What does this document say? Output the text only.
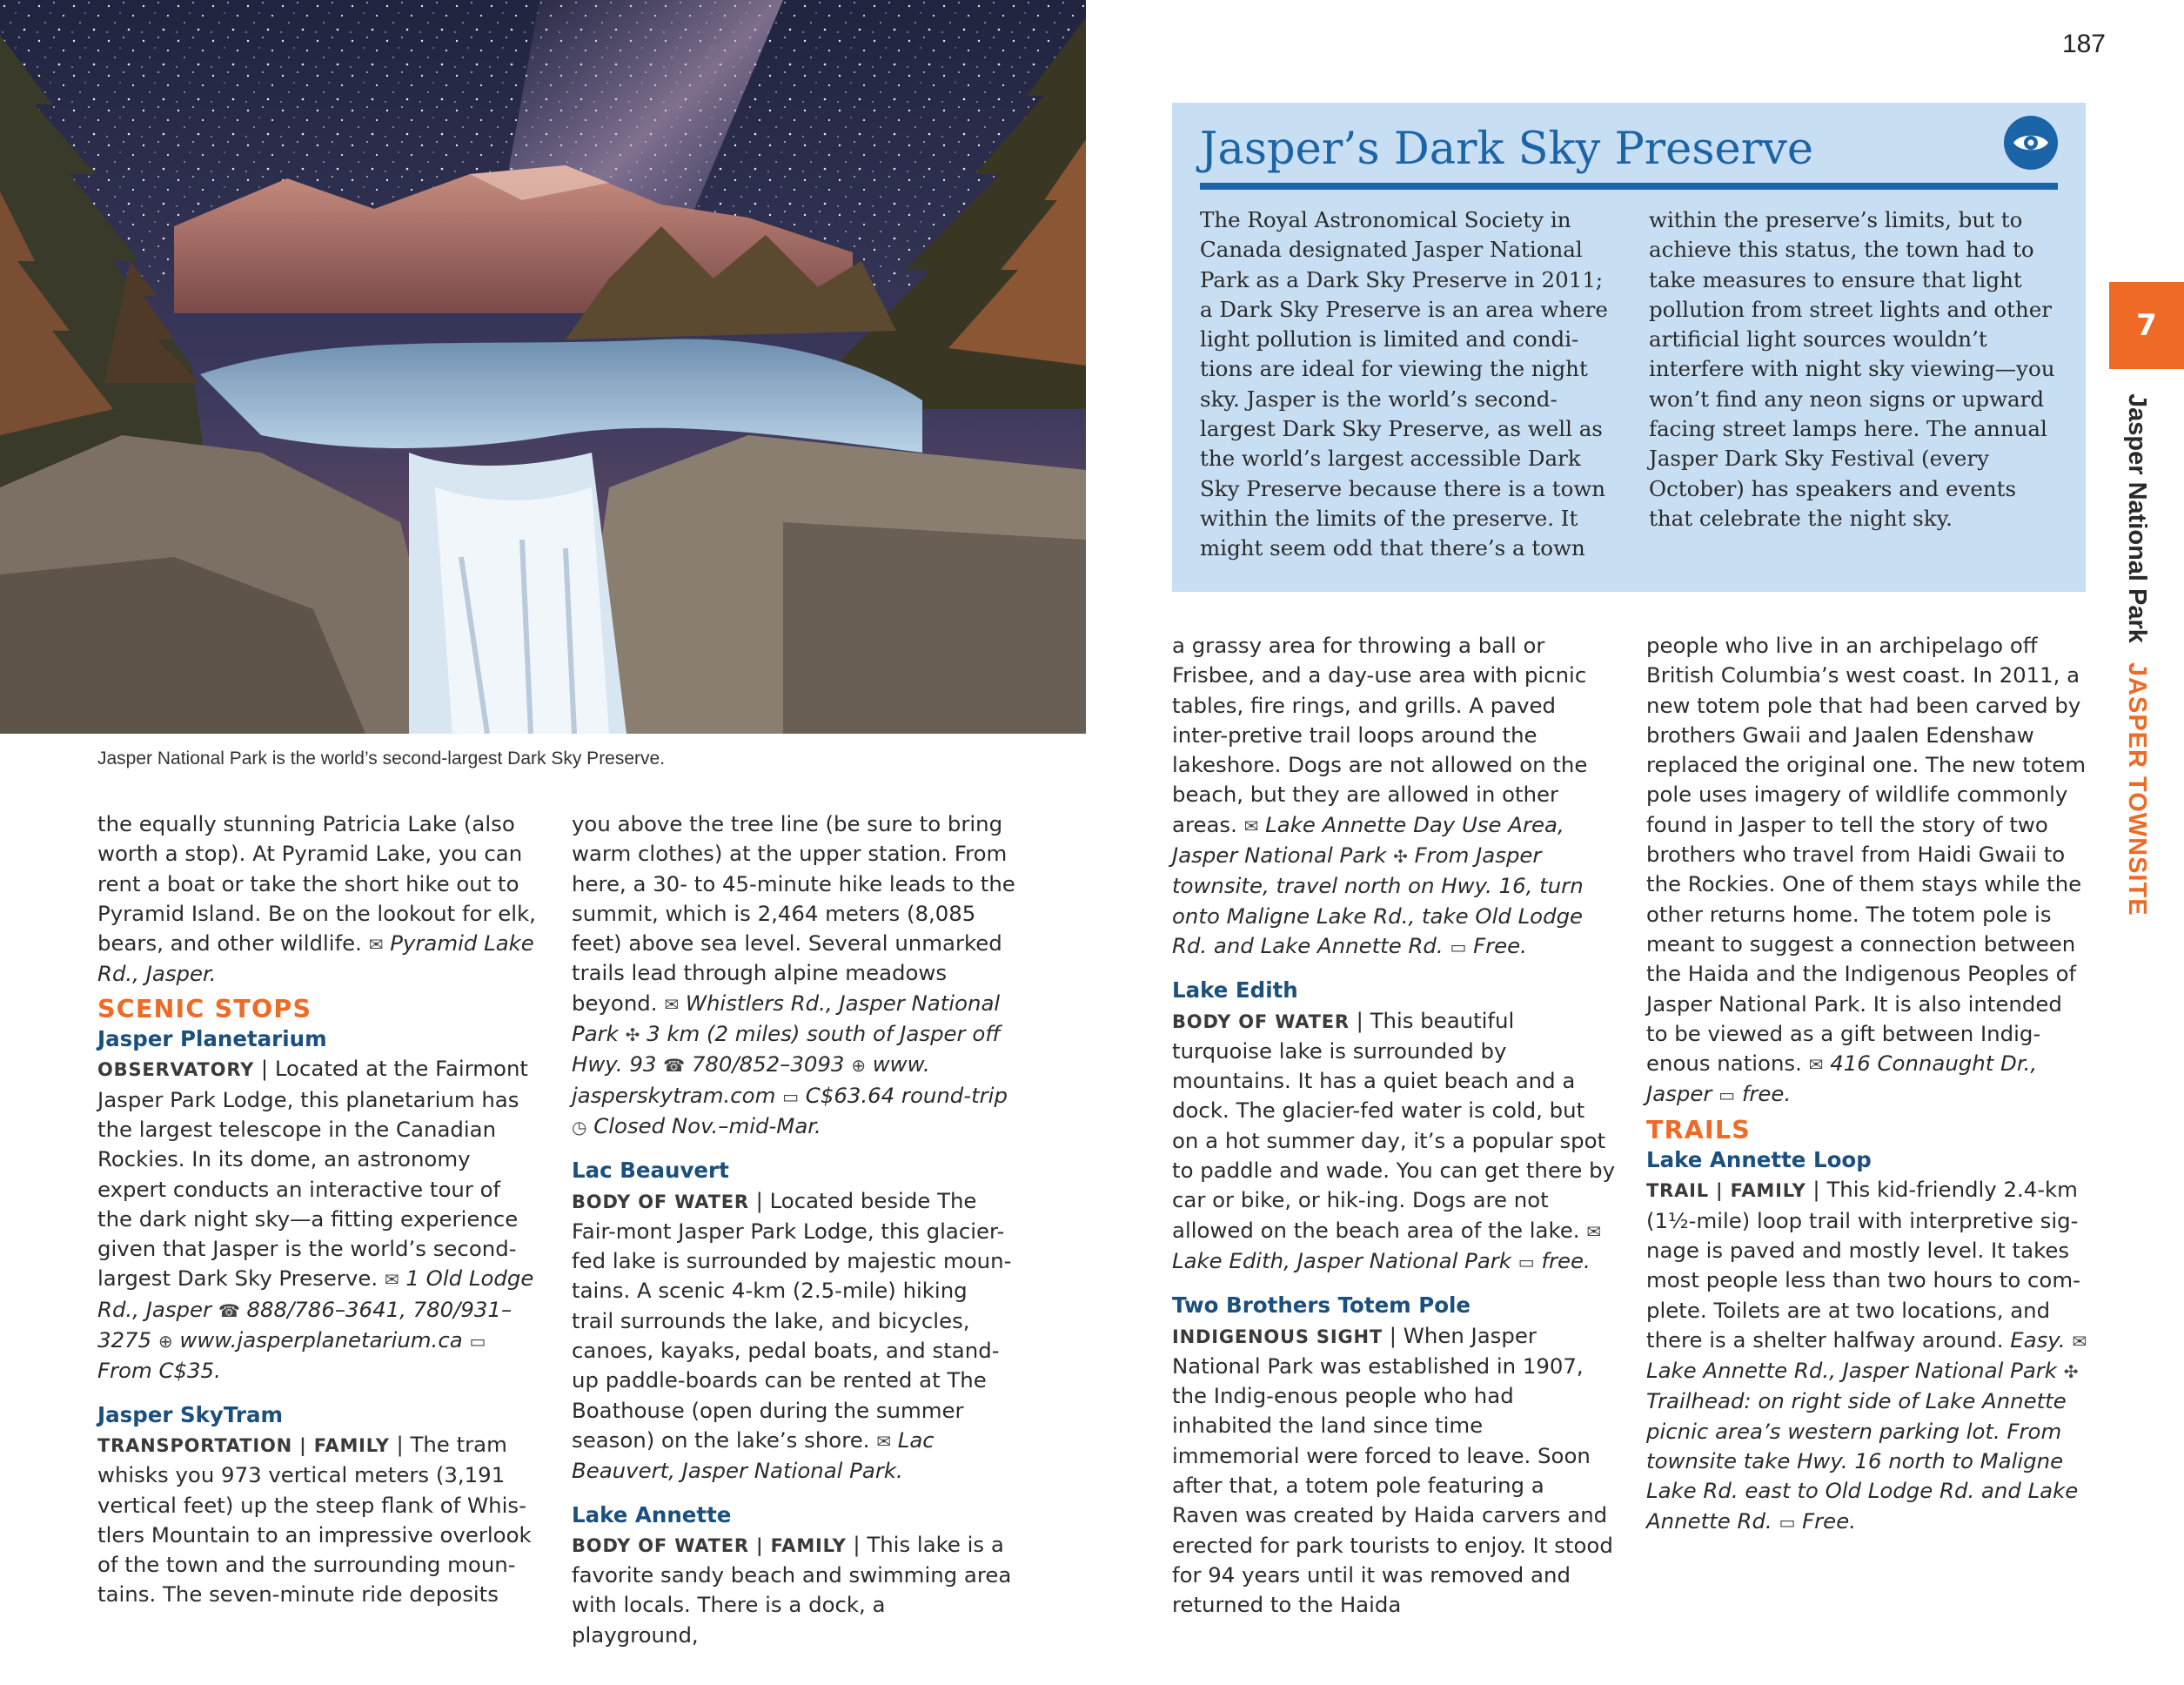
187
Jasper National Park is the world’s second-largest Dark Sky Preserve.
Jasper’s Dark Sky Preserve

The Royal Astronomical Society in Canada designated Jasper National Park as a Dark Sky Preserve in 2011; a Dark Sky Preserve is an area where light pollution is limited and condi-tions are ideal for viewing the night sky. Jasper is the world’s second-largest Dark Sky Preserve, as well as the world’s largest accessible Dark Sky Preserve because there is a town within the limits of the preserve. It might seem odd that there’s a town

within the preserve’s limits, but to achieve this status, the town had to take measures to ensure that light pollution from street lights and other artificial light sources wouldn’t interfere with night sky viewing—you won’t find any neon signs or upward facing street lamps here. The annual Jasper Dark Sky Festival (every October) has speakers and events that celebrate the night sky.

7
Jasper National ParkJASPER TOWNSITE

the equally stunning Patricia Lake (also worth a stop). At Pyramid Lake, you can rent a boat or take the short hike out to Pyramid Island. Be on the lookout for elk, bears, and other wildlife. ✉ Pyramid Lake Rd., Jasper.

SCENIC STOPS
Jasper Planetarium

OBSERVATORY | Located at the Fairmont Jasper Park Lodge, this planetarium has the largest telescope in the Canadian Rockies. In its dome, an astronomy expert conducts an interactive tour of the dark night sky—a fitting experience given that Jasper is the world’s second-largest Dark Sky Preserve. ✉ 1 Old Lodge Rd., Jasper ☎ 888/786–3641, 780/931–3275 ⊕ www.jasperplanetarium.ca ▭ From C$35.

Jasper SkyTram

TRANSPORTATION | FAMILY | The tram whisks you 973 vertical meters (3,191 vertical feet) up the steep flank of Whis-tlers Mountain to an impressive overlook of the town and the surrounding moun-tains. The seven-minute ride deposits

you above the tree line (be sure to bring warm clothes) at the upper station. From here, a 30- to 45-minute hike leads to the summit, which is 2,464 meters (8,085 feet) above sea level. Several unmarked trails lead through alpine meadows beyond. ✉ Whistlers Rd., Jasper National Park ✣ 3 km (2 miles) south of Jasper off Hwy. 93 ☎ 780/852–3093 ⊕ www. jasperskytram.com ▭ C$63.64 round-trip ◷ Closed Nov.–mid-Mar.

Lac Beauvert

BODY OF WATER | Located beside The Fair-mont Jasper Park Lodge, this glacier-fed lake is surrounded by majestic moun-tains. A scenic 4-km (2.5-mile) hiking trail surrounds the lake, and bicycles, canoes, kayaks, pedal boats, and stand-up paddle-boards can be rented at The Boathouse (open during the summer season) on the lake’s shore. ✉ Lac Beauvert, Jasper National Park.

Lake Annette

BODY OF WATER | FAMILY | This lake is a favorite sandy beach and swimming area with locals. There is a dock, a playground,

a grassy area for throwing a ball or Frisbee, and a day-use area with picnic tables, fire rings, and grills. A paved inter-pretive trail loops around the lakeshore. Dogs are not allowed on the beach, but they are allowed in other areas. ✉ Lake Annette Day Use Area, Jasper National Park ✣ From Jasper townsite, travel north on Hwy. 16, turn onto Maligne Lake Rd., take Old Lodge Rd. and Lake Annette Rd. ▭ Free.

Lake Edith

BODY OF WATER | This beautiful turquoise lake is surrounded by mountains. It has a quiet beach and a dock. The glacier-fed water is cold, but on a hot summer day, it’s a popular spot to paddle and wade. You can get there by car or bike, or hik-ing. Dogs are not allowed on the beach area of the lake. ✉ Lake Edith, Jasper National Park ▭ free.

Two Brothers Totem Pole

INDIGENOUS SIGHT | When Jasper National Park was established in 1907, the Indig-enous people who had inhabited the land since time immemorial were forced to leave. Soon after that, a totem pole featuring a Raven was created by Haida carvers and erected for park tourists to enjoy. It stood for 94 years until it was removed and returned to the Haida

people who live in an archipelago off British Columbia’s west coast. In 2011, a new totem pole that had been carved by brothers Gwaii and Jaalen Edenshaw replaced the original one. The new totem pole uses imagery of wildlife commonly found in Jasper to tell the story of two brothers who travel from Haidi Gwaii to the Rockies. One of them stays while the other returns home. The totem pole is meant to suggest a connection between the Haida and the Indigenous Peoples of Jasper National Park. It is also intended to be viewed as a gift between Indig-enous nations. ✉ 416 Connaught Dr., Jasper ▭ free.

TRAILS
Lake Annette Loop

TRAIL | FAMILY | This kid-friendly 2.4-km (1½-mile) loop trail with interpretive sig-nage is paved and mostly level. It takes most people less than two hours to com-plete. Toilets are at two locations, and there is a shelter halfway around. Easy. ✉ Lake Annette Rd., Jasper National Park ✣ Trailhead: on right side of Lake Annette picnic area’s western parking lot. From townsite take Hwy. 16 north to Maligne Lake Rd. east to Old Lodge Rd. and Lake Annette Rd. ▭ Free.
